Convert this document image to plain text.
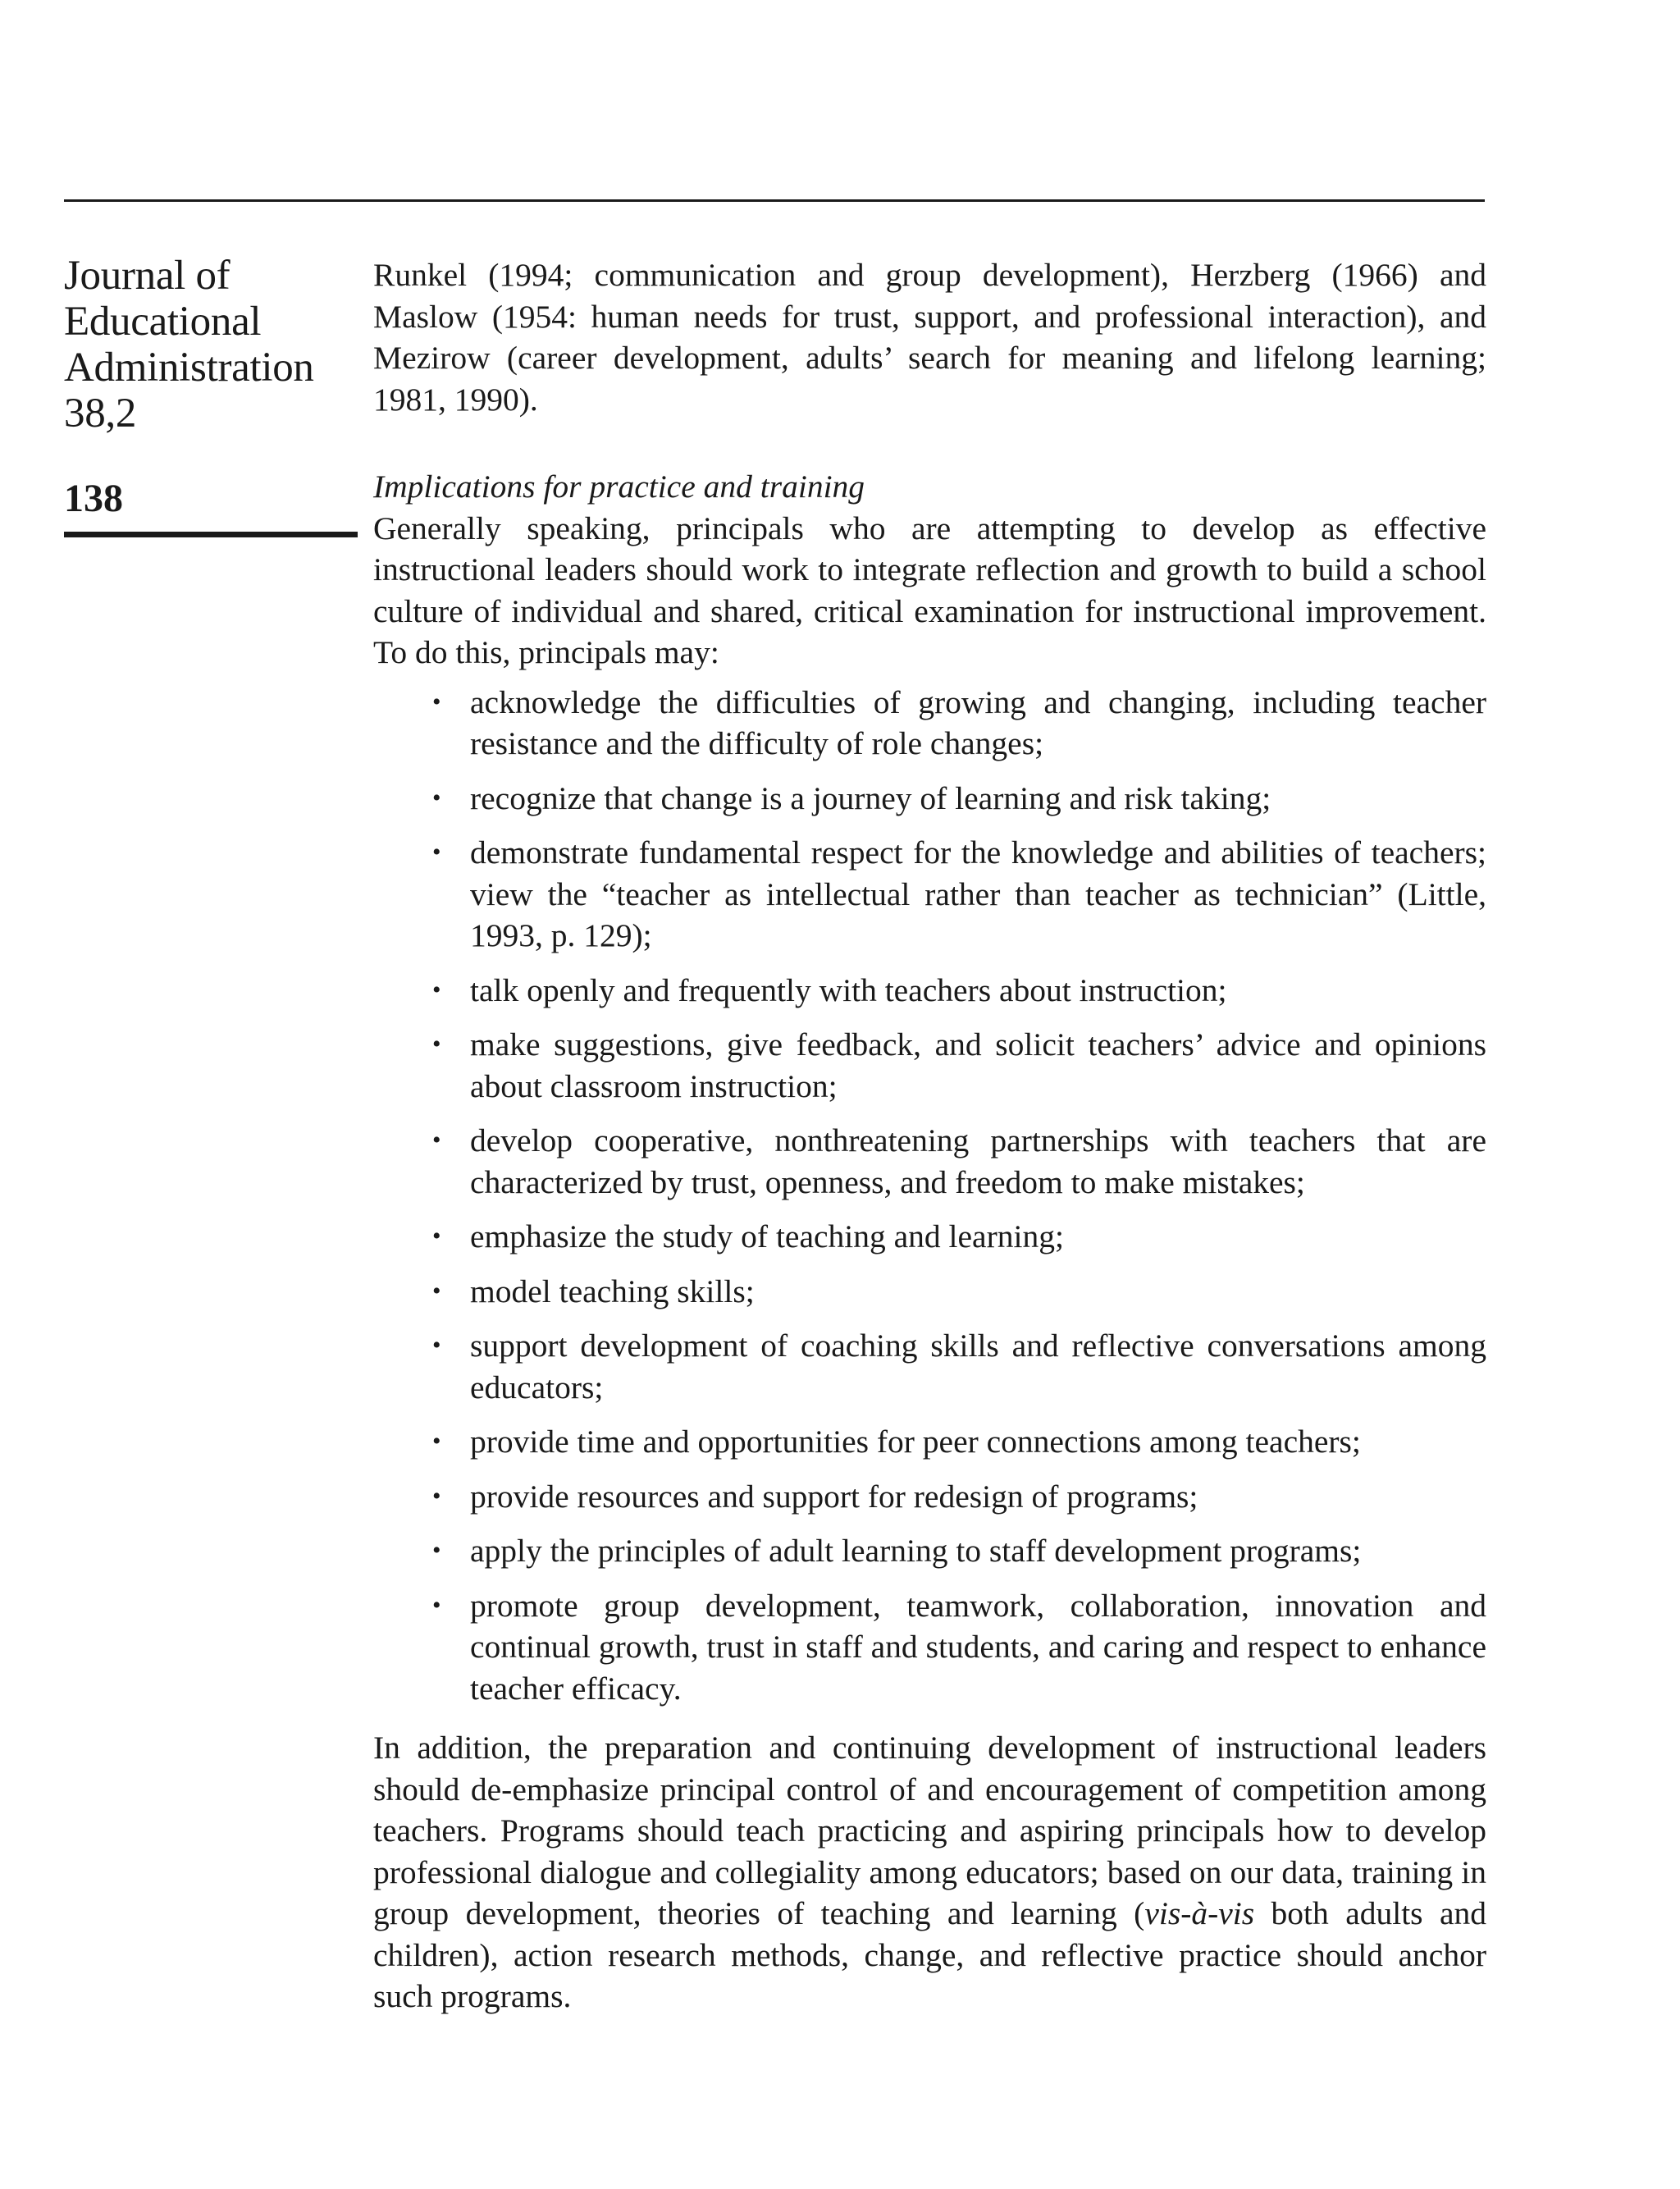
Journal of
Educational
Administration
38,2
138

Runkel (1994; communication and group development), Herzberg (1966) and Maslow (1954: human needs for trust, support, and professional interaction), and Mezirow (career development, adults’ search for meaning and lifelong learning; 1981, 1990).

Implications for practice and training

Generally speaking, principals who are attempting to develop as effective instructional leaders should work to integrate reflection and growth to build a school culture of individual and shared, critical examination for instructional improvement. To do this, principals may:

• acknowledge the difficulties of growing and changing, including teacher resistance and the difficulty of role changes;
• recognize that change is a journey of learning and risk taking;
• demonstrate fundamental respect for the knowledge and abilities of teachers; view the “teacher as intellectual rather than teacher as technician” (Little, 1993, p. 129);
• talk openly and frequently with teachers about instruction;
• make suggestions, give feedback, and solicit teachers’ advice and opinions about classroom instruction;
• develop cooperative, nonthreatening partnerships with teachers that are characterized by trust, openness, and freedom to make mistakes;
• emphasize the study of teaching and learning;
• model teaching skills;
• support development of coaching skills and reflective conversations among educators;
• provide time and opportunities for peer connections among teachers;
• provide resources and support for redesign of programs;
• apply the principles of adult learning to staff development programs;
• promote group development, teamwork, collaboration, innovation and continual growth, trust in staff and students, and caring and respect to enhance teacher efficacy.

In addition, the preparation and continuing development of instructional leaders should de-emphasize principal control of and encouragement of competition among teachers. Programs should teach practicing and aspiring principals how to develop professional dialogue and collegiality among educators; based on our data, training in group development, theories of teaching and learning (vis-à-vis both adults and children), action research methods, change, and reflective practice should anchor such programs.
